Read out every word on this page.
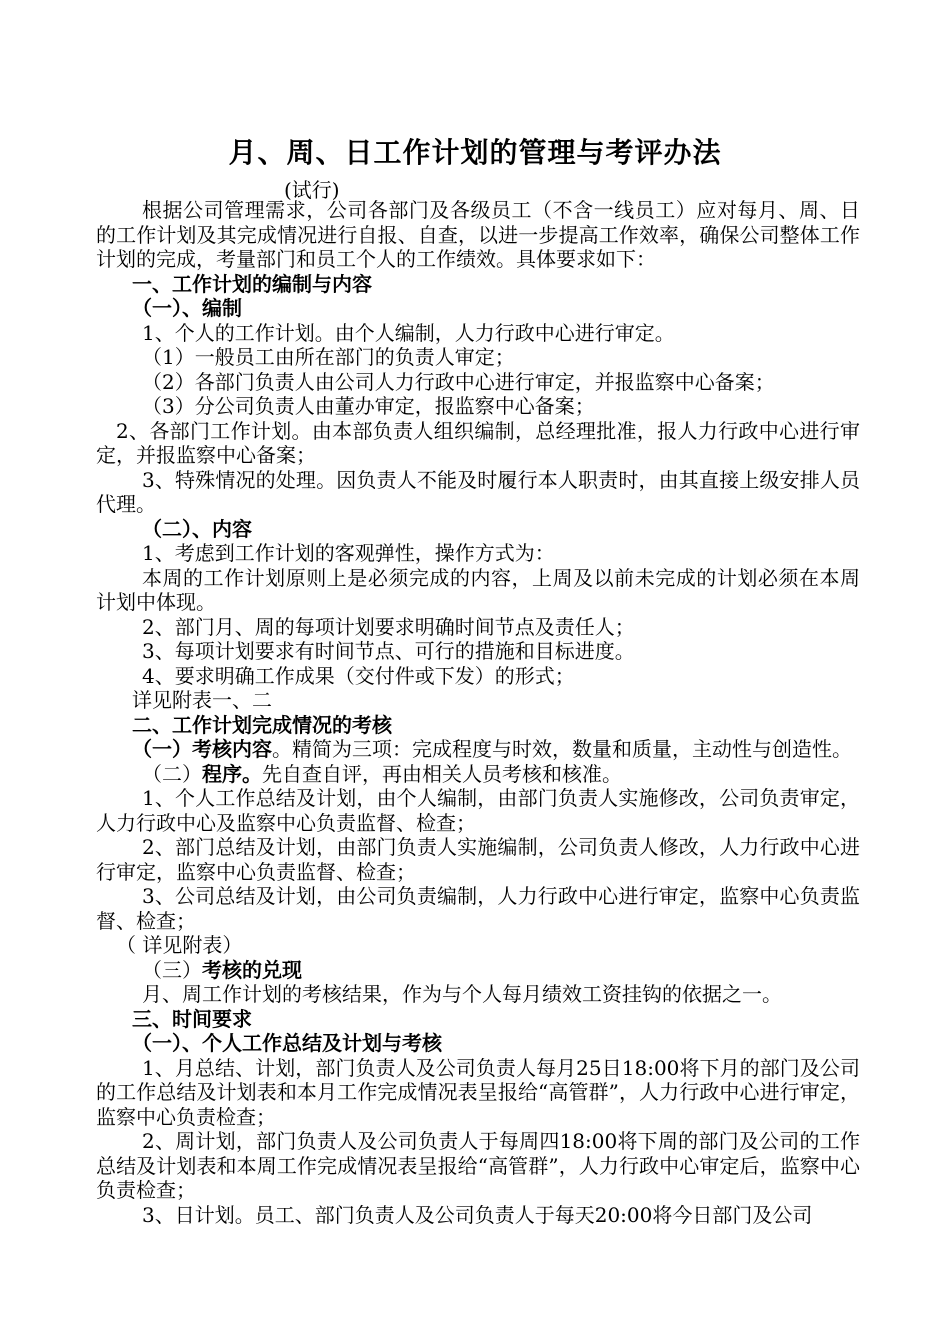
月、周、日工作计划的管理与考评办法
(试行)

根据公司管理需求，公司各部门及各级员工（不含一线员工）应对每月、周、日的工作计划及其完成情况进行自报、自查，以进一步提高工作效率，确保公司整体工作计划的完成，考量部门和员工个人的工作绩效。具体要求如下：

一、工作计划的编制与内容

（一）、编制

1、个人的工作计划。由个人编制，人力行政中心进行审定。

（1）一般员工由所在部门的负责人审定；

（2）各部门负责人由公司人力行政中心进行审定，并报监察中心备案；

（3）分公司负责人由董办审定，报监察中心备案；

2、各部门工作计划。由本部负责人组织编制，总经理批准，报人力行政中心进行审定，并报监察中心备案；

3、特殊情况的处理。因负责人不能及时履行本人职责时，由其直接上级安排人员代理。

（二）、内容

1、考虑到工作计划的客观弹性，操作方式为：

本周的工作计划原则上是必须完成的内容，上周及以前未完成的计划必须在本周计划中体现。

2、部门月、周的每项计划要求明确时间节点及责任人；

3、每项计划要求有时间节点、可行的措施和目标进度。

4、要求明确工作成果（交付件或下发）的形式；

详见附表一、二

二、工作计划完成情况的考核

（一）考核内容。精简为三项：完成程度与时效，数量和质量，主动性与创造性。

（二）程序。先自查自评，再由相关人员考核和核准。

1、个人工作总结及计划，由个人编制，由部门负责人实施修改，公司负责审定，人力行政中心及监察中心负责监督、检查；

2、部门总结及计划，由部门负责人实施编制，公司负责人修改，人力行政中心进行审定，监察中心负责监督、检查；

3、公司总结及计划，由公司负责编制，人力行政中心进行审定，监察中心负责监督、检查；

（ 详见附表）

（三）考核的兑现

月、周工作计划的考核结果，作为与个人每月绩效工资挂钩的依据之一。

三、时间要求

（一）、个人工作总结及计划与考核

1、月总结、计划，部门负责人及公司负责人每月25日18:00将下月的部门及公司的工作总结及计划表和本月工作完成情况表呈报给“高管群”，人力行政中心进行审定，监察中心负责检查；

2、周计划，部门负责人及公司负责人于每周四18:00将下周的部门及公司的工作总结及计划表和本周工作完成情况表呈报给“高管群”，人力行政中心审定后，监察中心负责检查；

3、日计划。员工、部门负责人及公司负责人于每天20:00将今日部门及公司
